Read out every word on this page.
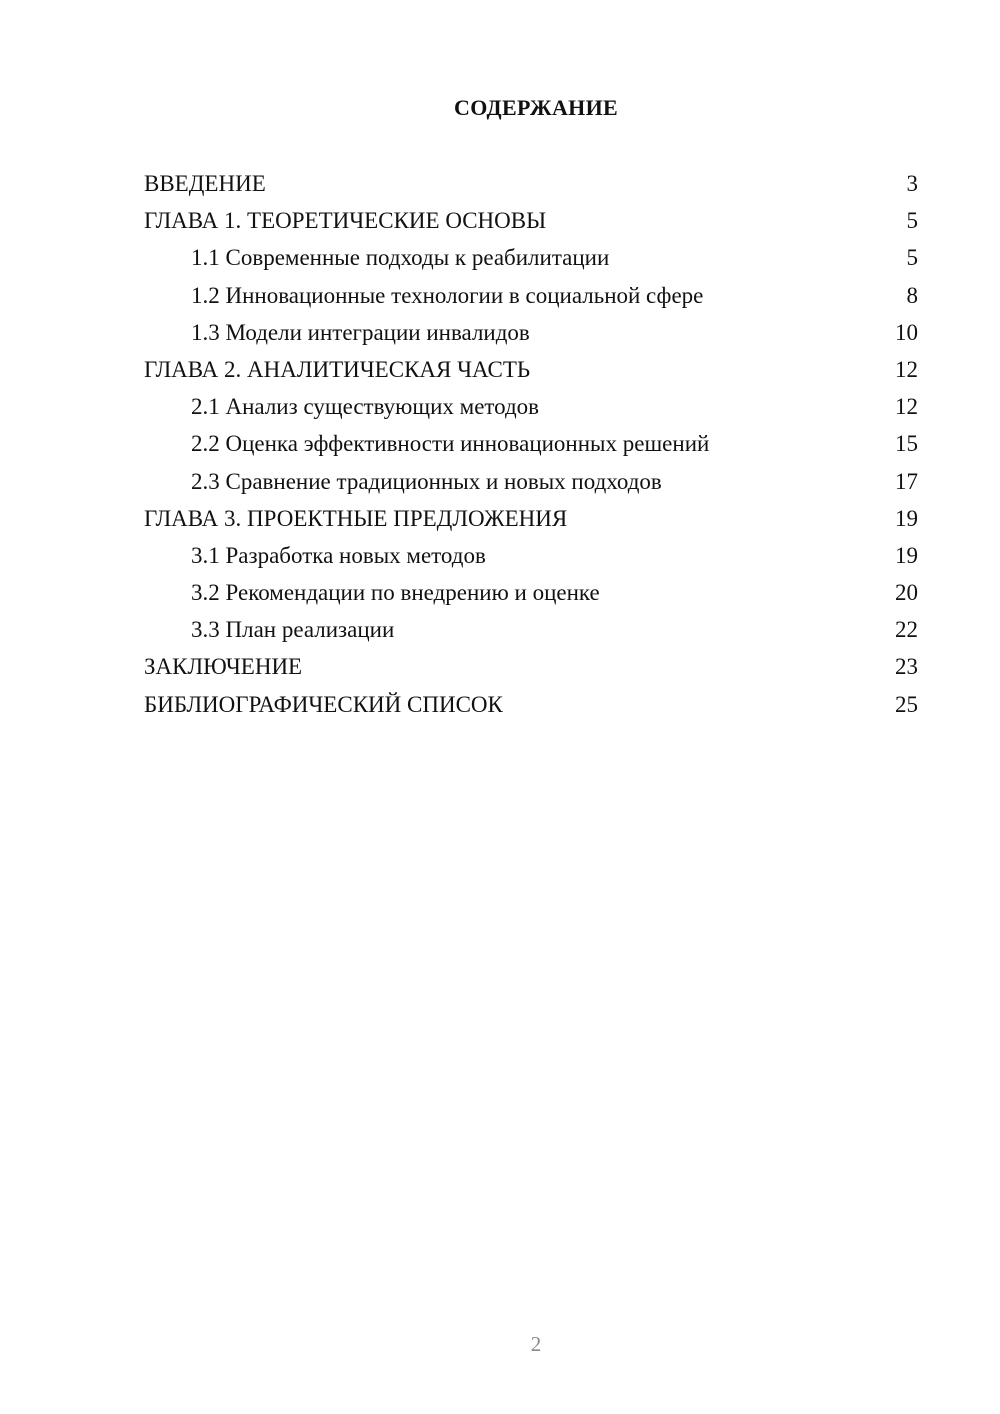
СОДЕРЖАНИЕ
ВВЕДЕНИЕ	3
ГЛАВА 1. ТЕОРЕТИЧЕСКИЕ ОСНОВЫ	5
1.1 Современные подходы к реабилитации	5
1.2 Инновационные технологии в социальной сфере	8
1.3 Модели интеграции инвалидов	10
ГЛАВА 2. АНАЛИТИЧЕСКАЯ ЧАСТЬ	12
2.1 Анализ существующих методов	12
2.2 Оценка эффективности инновационных решений	15
2.3 Сравнение традиционных и новых подходов	17
ГЛАВА 3. ПРОЕКТНЫЕ ПРЕДЛОЖЕНИЯ	19
3.1 Разработка новых методов	19
3.2 Рекомендации по внедрению и оценке	20
3.3 План реализации	22
ЗАКЛЮЧЕНИЕ	23
БИБЛИОГРАФИЧЕСКИЙ СПИСОК	25
2
